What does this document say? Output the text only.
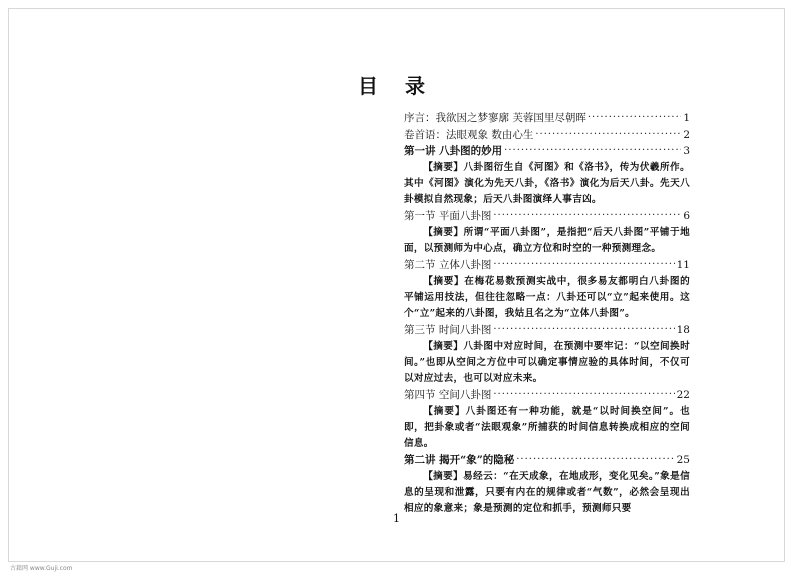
目 录
序言：我欲因之梦寥廓 芙蓉国里尽朝晖 ·····	1
卷首语：法眼观象 数由心生 ·····	2
第一讲 八卦图的妙用 ·····	3
【摘要】八卦图衍生自《河图》和《洛书》，传为伏羲所作。其中《河图》演化为先天八卦，《洛书》演化为后天八卦。先天八卦模拟自然现象；后天八卦图演绎人事吉凶。
第一节 平面八卦图 ·····	6
【摘要】所谓“平面八卦图”，是指把“后天八卦图”平铺于地面，以预测师为中心点，确立方位和时空的一种预测理念。
第二节 立体八卦图 ·····	11
【摘要】在梅花易数预测实战中，很多易友都明白八卦图的平铺运用技法，但往往忽略一点：八卦还可以“立”起来使用。这个“立”起来的八卦图，我姑且名之为“立体八卦图”。
第三节 时间八卦图 ·····	18
【摘要】八卦图中对应时间，在预测中要牢记：“以空间换时间。”也即从空间之方位中可以确定事情应验的具体时间，不仅可以对应过去，也可以对应未来。
第四节 空间八卦图 ·····	22
【摘要】八卦图还有一种功能，就是“以时间换空间”。也即，把卦象或者“法眼观象”所捕获的时间信息转换成相应的空间信息。
第二讲 揭开“象”的隐秘 ·····	25
【摘要】易经云：“在天成象，在地成形，变化见矣。”象是信息的呈现和泄露，只要有内在的规律或者“气数”，必然会呈现出相应的象意来；象是预测的定位和抓手，预测师只要
1
古籍网 www.Guji.com
